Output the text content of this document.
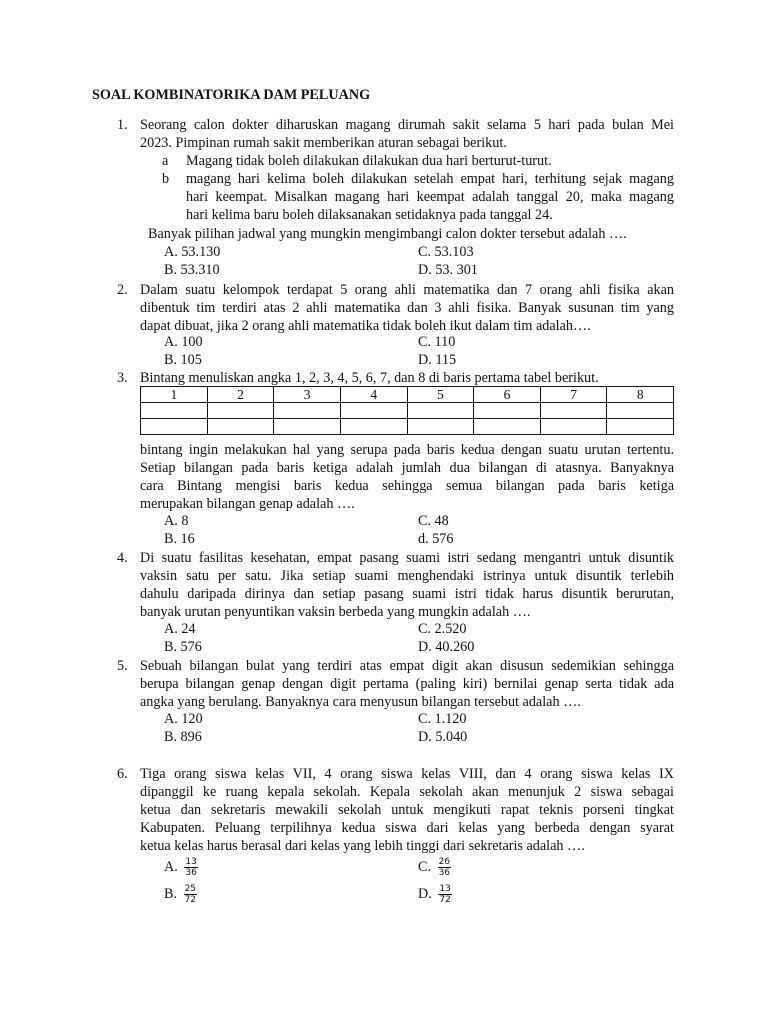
SOAL KOMBINATORIKA DAM PELUANG
1. Seorang calon dokter diharuskan magang dirumah sakit selama 5 hari pada bulan Mei
2023. Pimpinan rumah sakit memberikan aturan sebagai berikut.
a Magang tidak boleh dilakukan dilakukan dua hari berturut-turut.
b magang hari kelima boleh dilakukan setelah empat hari, terhitung sejak magang
hari keempat. Misalkan magang hari keempat adalah tanggal 20, maka magang
hari kelima baru boleh dilaksanakan setidaknya pada tanggal 24.
Banyak pilihan jadwal yang mungkin mengimbangi calon dokter tersebut adalah ….
A. 53.130
B. 53.310
C. 53.103
D. 53. 301
2. Dalam suatu kelompok terdapat 5 orang ahli matematika dan 7 orang ahli fisika akan
dibentuk tim terdiri atas 2 ahli matematika dan 3 ahli fisika. Banyak susunan tim yang
dapat dibuat, jika 2 orang ahli matematika tidak boleh ikut dalam tim adalah….
A. 100
B. 105
C. 110
D. 115
3. Bintang menuliskan angka 1, 2, 3, 4, 5, 6, 7, dan 8 di baris pertama tabel berikut.
1	2	3	4	5	6	7	8

bintang ingin melakukan hal yang serupa pada baris kedua dengan suatu urutan tertentu.
Setiap bilangan pada baris ketiga adalah jumlah dua bilangan di atasnya. Banyaknya
cara Bintang mengisi baris kedua sehingga semua bilangan pada baris ketiga
merupakan bilangan genap adalah ….
A. 8
B. 16
C. 48
d. 576
4. Di suatu fasilitas kesehatan, empat pasang suami istri sedang mengantri untuk disuntik
vaksin satu per satu. Jika setiap suami menghendaki istrinya untuk disuntik terlebih
dahulu daripada dirinya dan setiap pasang suami istri tidak harus disuntik berurutan,
banyak urutan penyuntikan vaksin berbeda yang mungkin adalah ….
A. 24
B. 576
C. 2.520
D. 40.260
5. Sebuah bilangan bulat yang terdiri atas empat digit akan disusun sedemikian sehingga
berupa bilangan genap dengan digit pertama (paling kiri) bernilai genap serta tidak ada
angka yang berulang. Banyaknya cara menyusun bilangan tersebut adalah ….
A. 120
B. 896
C. 1.120
D. 5.040
6. Tiga orang siswa kelas VII, 4 orang siswa kelas VIII, dan 4 orang siswa kelas IX
dipanggil ke ruang kepala sekolah. Kepala sekolah akan menunjuk 2 siswa sebagai
ketua dan sekretaris mewakili sekolah untuk mengikuti rapat teknis porseni tingkat
Kabupaten. Peluang terpilihnya kedua siswa dari kelas yang berbeda dengan syarat
ketua kelas harus berasal dari kelas yang lebih tinggi dari sekretaris adalah ….
A. $\frac{13}{36}$
B. $\frac{25}{72}$
C. $\frac{26}{36}$
D. $\frac{13}{72}$
